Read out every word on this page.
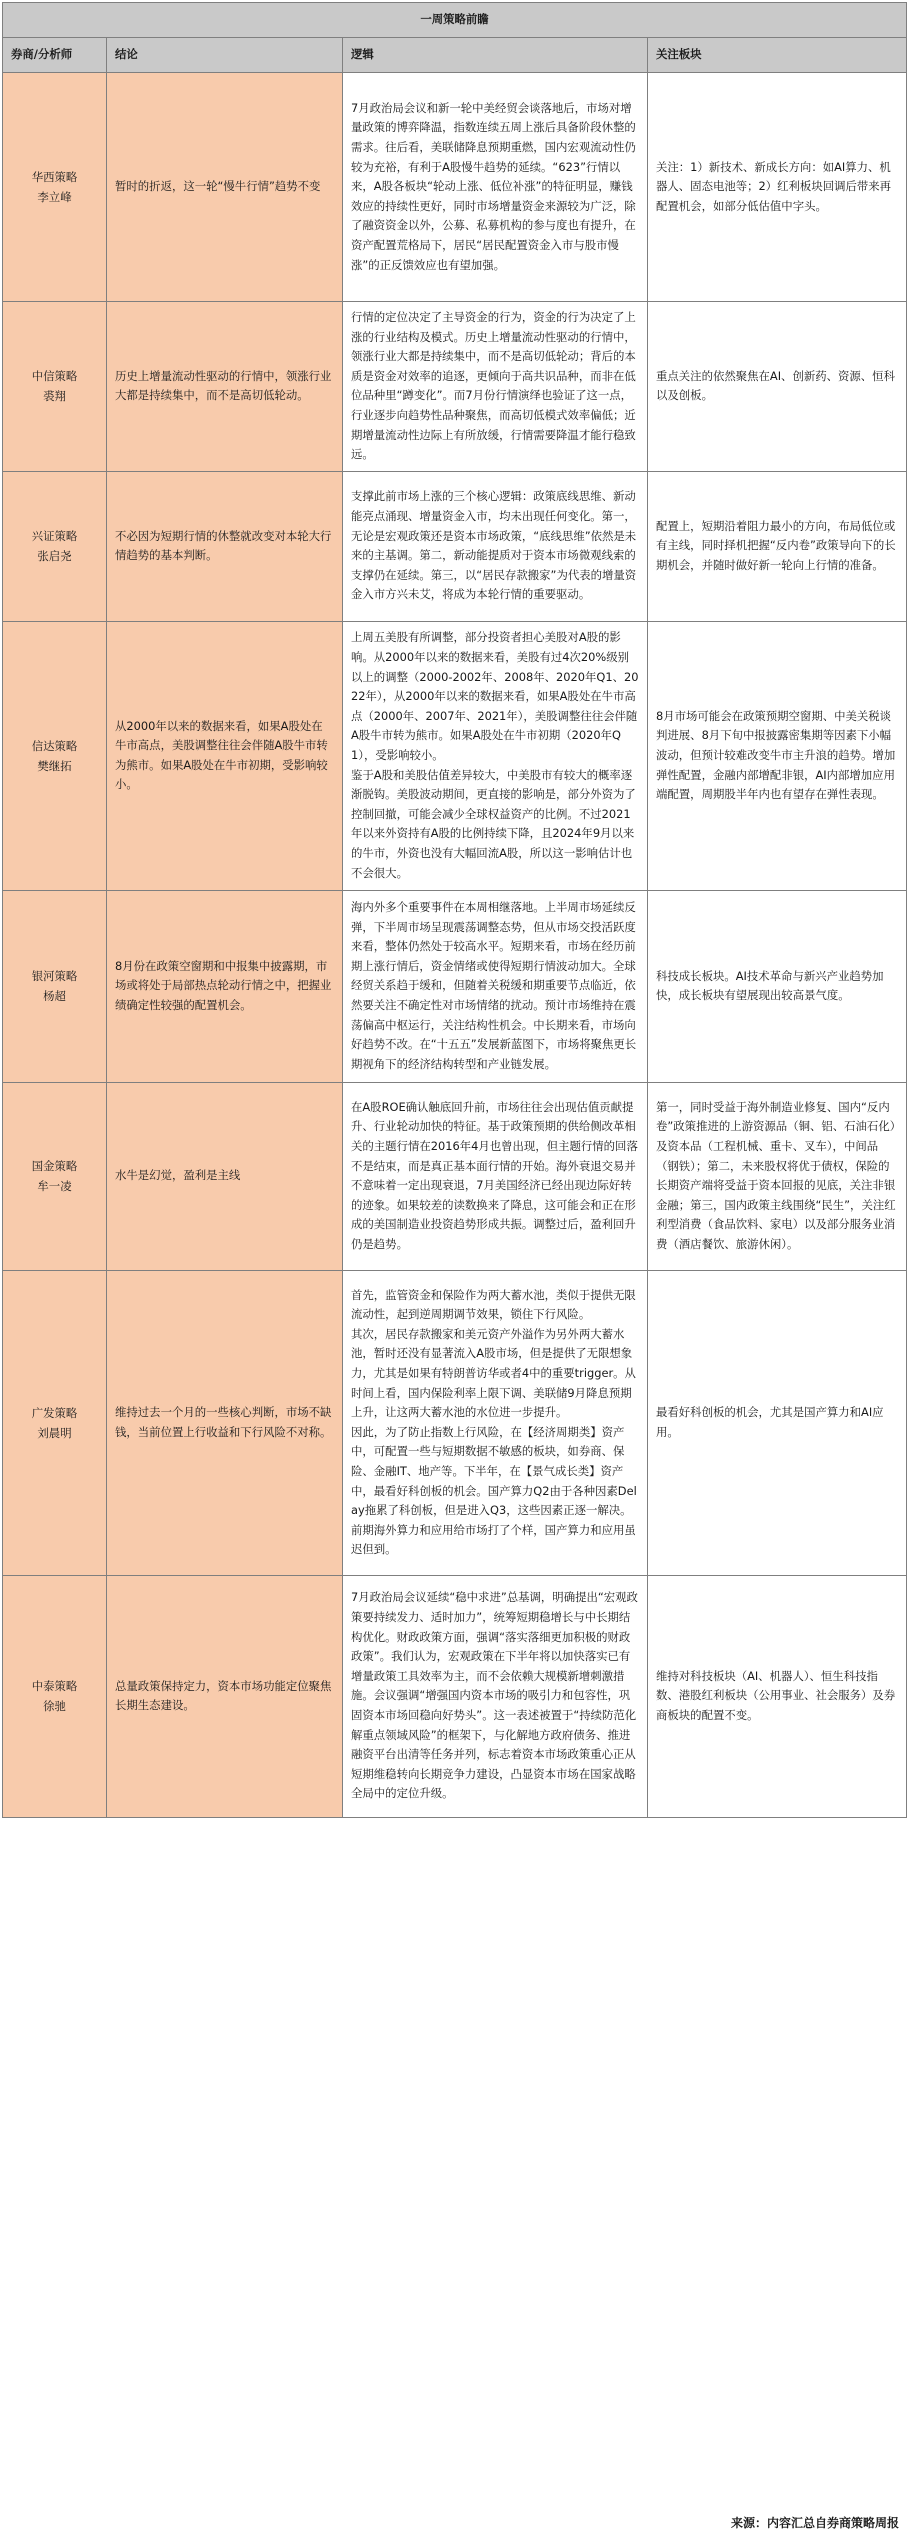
一周策略前瞻			
券商/分析师	结论	逻辑	关注板块

华西策略
李立峰	暂时的折返，这一轮“慢牛行情”趋势不变	7月政治局会议和新一轮中美经贸会谈落地后，市场对增量政策的博弈降温，指数连续五周上涨后具备阶段休整的需求。往后看，美联储降息预期重燃，国内宏观流动性仍较为充裕，有利于A股慢牛趋势的延续。“623”行情以来，A股各板块“轮动上涨、低位补涨”的特征明显，赚钱效应的持续性更好，同时市场增量资金来源较为广泛，除了融资资金以外，公募、私募机构的参与度也有提升，在资产配置荒格局下，居民“居民配置资金入市与股市慢涨”的正反馈效应也有望加强。	关注：1）新技术、新成长方向：如AI算力、机器人、固态电池等；2）红利板块回调后带来再配置机会，如部分低估值中字头。

中信策略
裘翔	历史上增量流动性驱动的行情中，领涨行业大都是持续集中，而不是高切低轮动。	行情的定位决定了主导资金的行为，资金的行为决定了上涨的行业结构及模式。历史上增量流动性驱动的行情中，领涨行业大都是持续集中，而不是高切低轮动；背后的本质是资金对效率的追逐，更倾向于高共识品种，而非在低位品种里“蹲变化”。而7月份行情演绎也验证了这一点，行业逐步向趋势性品种聚焦，而高切低模式效率偏低；近期增量流动性边际上有所放缓，行情需要降温才能行稳致远。	重点关注的依然聚焦在AI、创新药、资源、恒科以及创板。

兴证策略
张启尧	不必因为短期行情的休整就改变对本轮大行情趋势的基本判断。	支撑此前市场上涨的三个核心逻辑：政策底线思维、新动能亮点涌现、增量资金入市，均未出现任何变化。第一，无论是宏观政策还是资本市场政策，“底线思维”依然是未来的主基调。第二，新动能提质对于资本市场微观线索的支撑仍在延续。第三，以“居民存款搬家”为代表的增量资金入市方兴未艾，将成为本轮行情的重要驱动。	配置上，短期沿着阻力最小的方向，布局低位或有主线，同时择机把握“反内卷”政策导向下的长期机会，并随时做好新一轮向上行情的准备。

信达策略
樊继拓	从2000年以来的数据来看，如果A股处在牛市高点，美股调整往往会伴随A股牛市转为熊市。如果A股处在牛市初期，受影响较小。	上周五美股有所调整，部分投资者担心美股对A股的影响。从2000年以来的数据来看，美股有过4次20%级别以上的调整（2000-2002年、2008年、2020年Q1、2022年），从2000年以来的数据来看，如果A股处在牛市高点（2000年、2007年、2021年），美股调整往往会伴随A股牛市转为熊市。如果A股处在牛市初期（2020年Q1），受影响较小。
鉴于A股和美股估值差异较大，中美股市有较大的概率逐渐脱钩。美股波动期间，更直接的影响是，部分外资为了控制回撤，可能会减少全球权益资产的比例。不过2021年以来外资持有A股的比例持续下降，且2024年9月以来的牛市，外资也没有大幅回流A股，所以这一影响估计也不会很大。	8月市场可能会在政策预期空窗期、中美关税谈判进展、8月下旬中报披露密集期等因素下小幅波动，但预计较难改变牛市主升浪的趋势。增加弹性配置，金融内部增配非银，AI内部增加应用端配置，周期股半年内也有望存在弹性表现。

银河策略
杨超	8月份在政策空窗期和中报集中披露期，市场或将处于局部热点轮动行情之中，把握业绩确定性较强的配置机会。	海内外多个重要事件在本周相继落地。上半周市场延续反弹，下半周市场呈现震荡调整态势，但从市场交投活跃度来看，整体仍然处于较高水平。短期来看，市场在经历前期上涨行情后，资金情绪或使得短期行情波动加大。全球经贸关系趋于缓和，但随着关税缓和期重要节点临近，依然要关注不确定性对市场情绪的扰动。预计市场维持在震荡偏高中枢运行，关注结构性机会。中长期来看，市场向好趋势不改。在“十五五”发展新蓝图下，市场将聚焦更长期视角下的经济结构转型和产业链发展。	科技成长板块。AI技术革命与新兴产业趋势加快，成长板块有望展现出较高景气度。

国金策略
牟一凌	水牛是幻觉，盈利是主线	在A股ROE确认触底回升前，市场往往会出现估值贡献提升、行业轮动加快的特征。基于政策预期的供给侧改革相关的主题行情在2016年4月也曾出现，但主题行情的回落不是结束，而是真正基本面行情的开始。海外衰退交易并不意味着一定出现衰退，7月美国经济已经出现边际好转的迹象。如果较差的读数换来了降息，这可能会和正在形成的美国制造业投资趋势形成共振。调整过后，盈利回升仍是趋势。	第一，同时受益于海外制造业修复、国内“反内卷”政策推进的上游资源品（铜、铝、石油石化）及资本品（工程机械、重卡、叉车），中间品（钢铁）；第二，未来股权将优于债权，保险的长期资产端将受益于资本回报的见底，关注非银金融；第三，国内政策主线围绕“民生”，关注红利型消费（食品饮料、家电）以及部分服务业消费（酒店餐饮、旅游休闲）。

广发策略
刘晨明	维持过去一个月的一些核心判断，市场不缺钱，当前位置上行收益和下行风险不对称。	首先，监管资金和保险作为两大蓄水池，类似于提供无限流动性，起到逆周期调节效果，锁住下行风险。
其次，居民存款搬家和美元资产外溢作为另外两大蓄水池，暂时还没有显著流入A股市场，但是提供了无限想象力，尤其是如果有特朗普访华或者4中的重要trigger。从时间上看，国内保险利率上限下调、美联储9月降息预期上升，让这两大蓄水池的水位进一步提升。
因此，为了防止指数上行风险，在【经济周期类】资产中，可配置一些与短期数据不敏感的板块，如券商、保险、金融IT、地产等。下半年，在【景气成长类】资产中，最看好科创板的机会。国产算力Q2由于各种因素Delay拖累了科创板，但是进入Q3，这些因素正逐一解决。前期海外算力和应用给市场打了个样，国产算力和应用虽迟但到。	最看好科创板的机会，尤其是国产算力和AI应用。

中泰策略
徐驰	总量政策保持定力，资本市场功能定位聚焦长期生态建设。	7月政治局会议延续“稳中求进”总基调，明确提出“宏观政策要持续发力、适时加力”，统筹短期稳增长与中长期结构优化。财政政策方面，强调“落实落细更加积极的财政政策”。我们认为，宏观政策在下半年将以加快落实已有增量政策工具效率为主，而不会依赖大规模新增刺激措施。会议强调“增强国内资本市场的吸引力和包容性，巩固资本市场回稳向好势头”。这一表述被置于“持续防范化解重点领域风险”的框架下，与化解地方政府债务、推进融资平台出清等任务并列，标志着资本市场政策重心正从短期维稳转向长期竞争力建设，凸显资本市场在国家战略全局中的定位升级。	维持对科技板块（AI、机器人）、恒生科技指数、港股红利板块（公用事业、社会服务）及券商板块的配置不变。
来源：内容汇总自券商策略周报
